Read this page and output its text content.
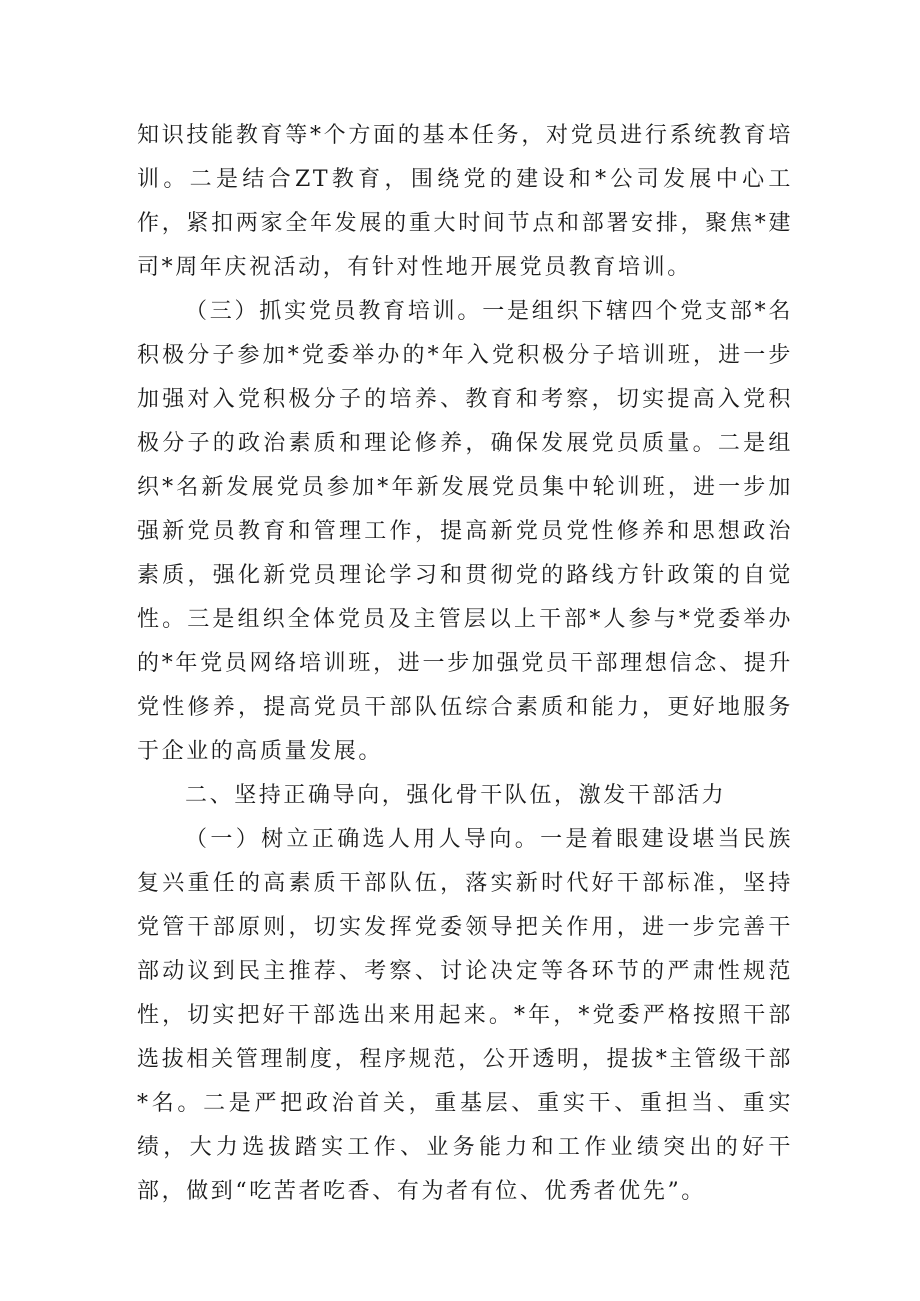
知识技能教育等*个方面的基本任务，对党员进行系统教育培训。二是结合ZT教育，围绕党的建设和*公司发展中心工作，紧扣两家全年发展的重大时间节点和部署安排，聚焦*建司*周年庆祝活动，有针对性地开展党员教育培训。

（三）抓实党员教育培训。一是组织下辖四个党支部*名积极分子参加*党委举办的*年入党积极分子培训班，进一步加强对入党积极分子的培养、教育和考察，切实提高入党积极分子的政治素质和理论修养，确保发展党员质量。二是组织*名新发展党员参加*年新发展党员集中轮训班，进一步加强新党员教育和管理工作，提高新党员党性修养和思想政治素质，强化新党员理论学习和贯彻党的路线方针政策的自觉性。三是组织全体党员及主管层以上干部*人参与*党委举办的*年党员网络培训班，进一步加强党员干部理想信念、提升党性修养，提高党员干部队伍综合素质和能力，更好地服务于企业的高质量发展。

二、坚持正确导向，强化骨干队伍，激发干部活力

（一）树立正确选人用人导向。一是着眼建设堪当民族复兴重任的高素质干部队伍，落实新时代好干部标准，坚持党管干部原则，切实发挥党委领导把关作用，进一步完善干部动议到民主推荐、考察、讨论决定等各环节的严肃性规范性，切实把好干部选出来用起来。*年，*党委严格按照干部选拔相关管理制度，程序规范，公开透明，提拔*主管级干部*名。二是严把政治首关，重基层、重实干、重担当、重实绩，大力选拔踏实工作、业务能力和工作业绩突出的好干部，做到“吃苦者吃香、有为者有位、优秀者优先”。
